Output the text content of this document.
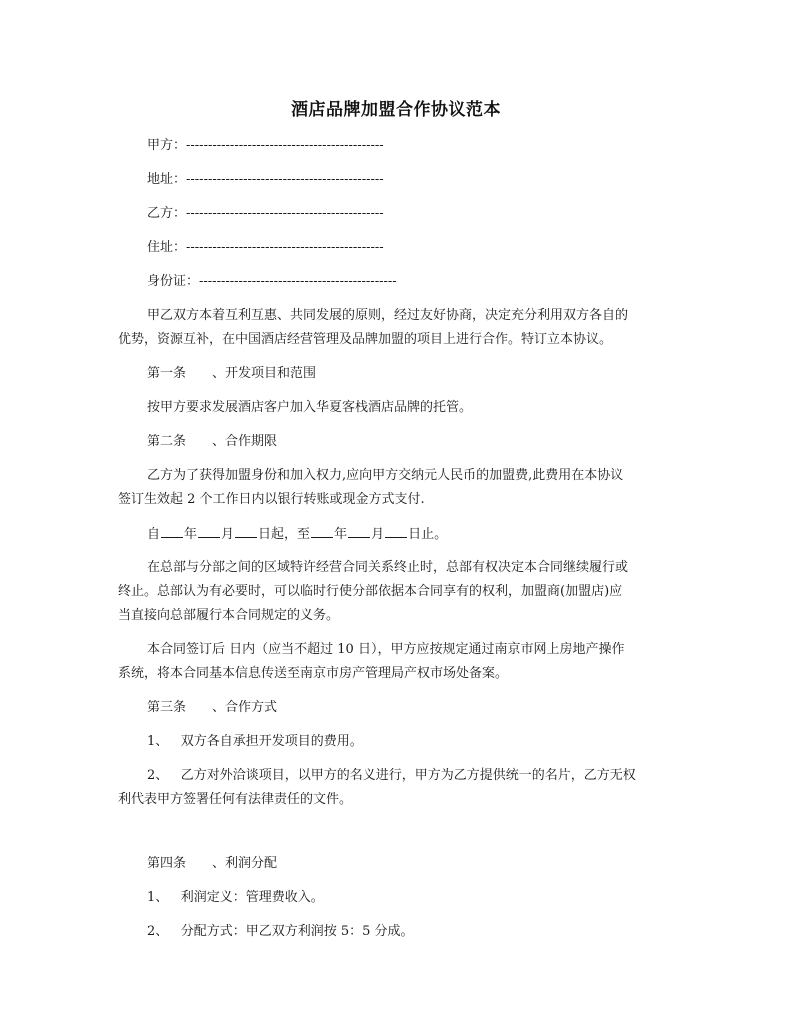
酒店品牌加盟合作协议范本
甲方：---------------------------------------------
地址：---------------------------------------------
乙方：---------------------------------------------
住址：---------------------------------------------
身份证：---------------------------------------------
甲乙双方本着互利互惠、共同发展的原则，经过友好协商，决定充分利用双方各自的
优势，资源互补，在中国酒店经营管理及品牌加盟的项目上进行合作。特订立本协议。
第一条 、开发项目和范围
按甲方要求发展酒店客户加入华夏客栈酒店品牌的托管。
第二条 、合作期限
乙方为了获得加盟身份和加入权力,应向甲方交纳元人民币的加盟费,此费用在本协议
签订生效起 2 个工作日内以银行转账或现金方式支付.
自 年 月 日起，至 年 月 日止。
在总部与分部之间的区域特许经营合同关系终止时，总部有权决定本合同继续履行或
终止。总部认为有必要时，可以临时行使分部依据本合同享有的权利，加盟商(加盟店)应
当直接向总部履行本合同规定的义务。
本合同签订后 日内（应当不超过 10 日），甲方应按规定通过南京市网上房地产操作
系统，将本合同基本信息传送至南京市房产管理局产权市场处备案。
第三条 、合作方式
1、 双方各自承担开发项目的费用。
2、 乙方对外洽谈项目，以甲方的名义进行，甲方为乙方提供统一的名片，乙方无权
利代表甲方签署任何有法律责任的文件。
第四条 、利润分配
1、 利润定义：管理费收入。
2、 分配方式：甲乙双方利润按 5：5 分成。
